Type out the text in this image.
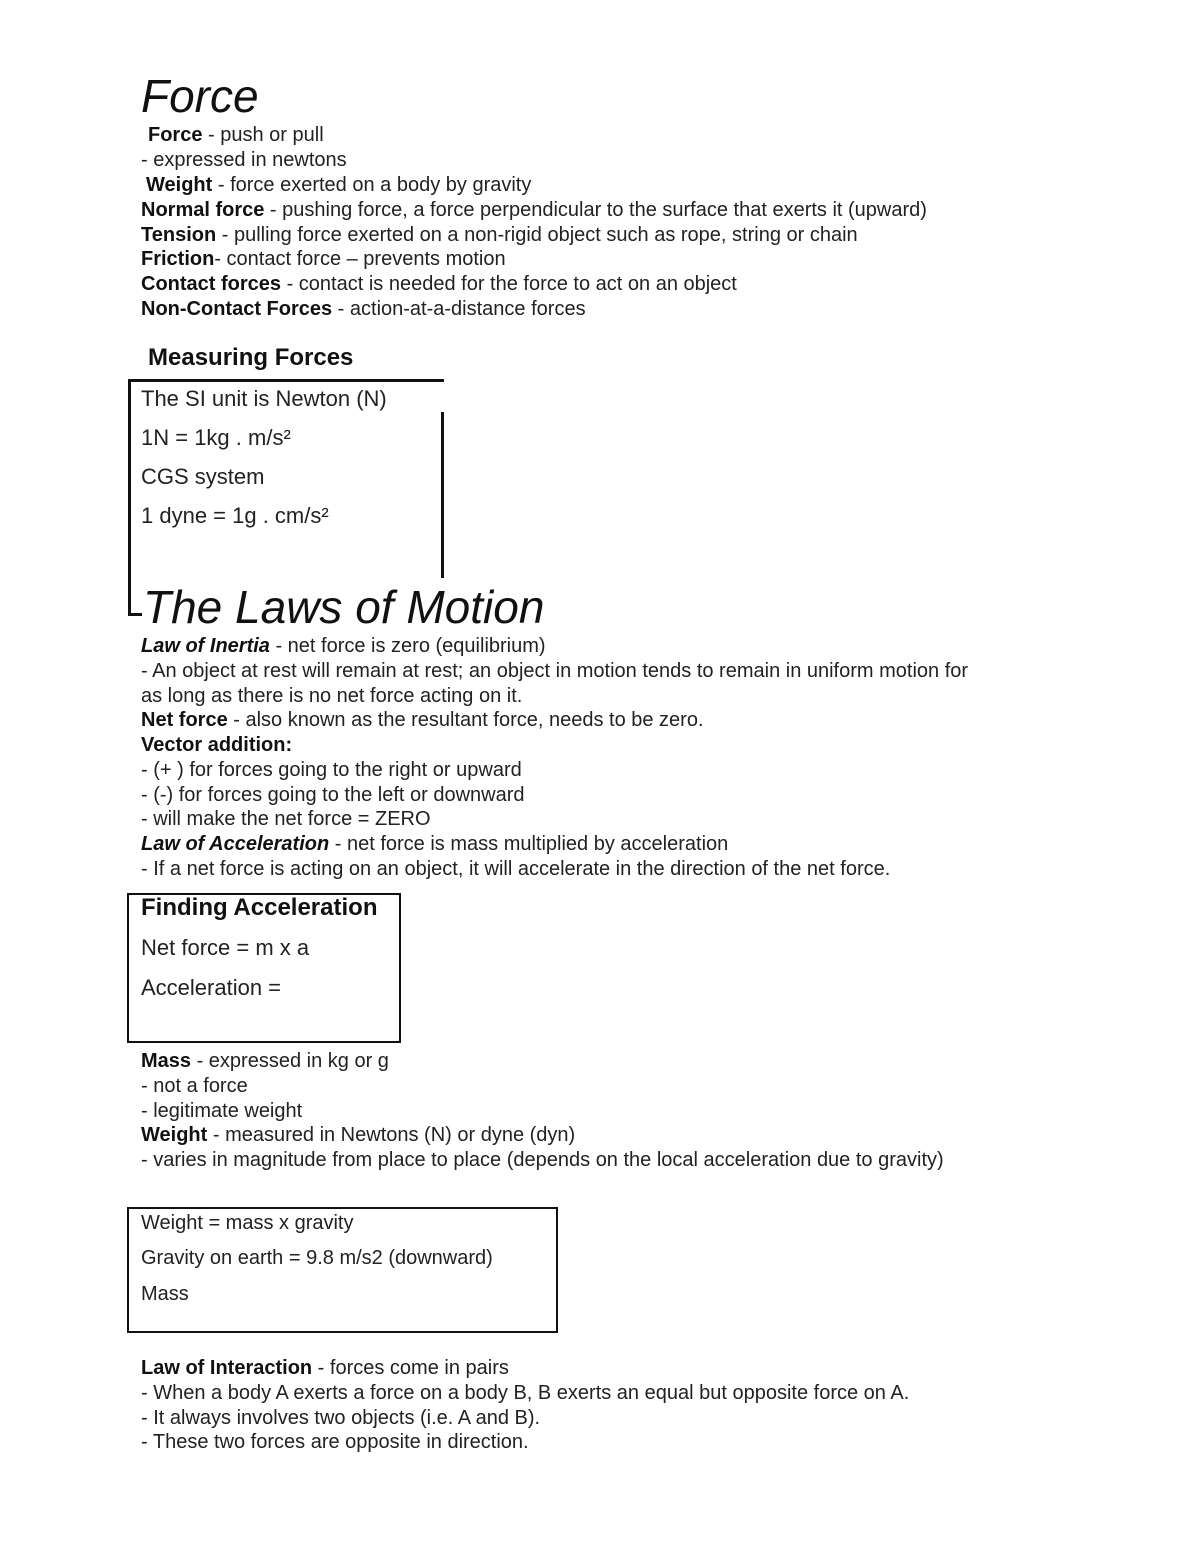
Force
Force - push or pull
- expressed in newtons
Weight - force exerted on a body by gravity
Normal force - pushing force, a force perpendicular to the surface that exerts it (upward)
Tension - pulling force exerted on a non-rigid object such as rope, string or chain
Friction- contact force – prevents motion
Contact forces - contact is needed for the force to act on an object
Non-Contact Forces - action-at-a-distance forces
Measuring Forces
The SI unit is Newton (N)
1N = 1kg . m/s²
CGS system
1 dyne = 1g . cm/s²
The Laws of Motion
Law of Inertia - net force is zero (equilibrium)
- An object at rest will remain at rest; an object in motion tends to remain in uniform motion for
as long as there is no net force acting on it.
Net force - also known as the resultant force, needs to be zero.
Vector addition:
- (+ ) for forces going to the right or upward
- (-) for forces going to the left or downward
- will make the net force = ZERO
Law of Acceleration - net force is mass multiplied by acceleration
- If a net force is acting on an object, it will accelerate in the direction of the net force.
Finding Acceleration
Net force = m x a
Acceleration =
Mass - expressed in kg or g
- not a force
- legitimate weight
Weight - measured in Newtons (N) or dyne (dyn)
- varies in magnitude from place to place (depends on the local acceleration due to gravity)
Weight = mass x gravity
Gravity on earth = 9.8 m/s2 (downward)
Mass
Law of Interaction - forces come in pairs
- When a body A exerts a force on a body B, B exerts an equal but opposite force on A.
- It always involves two objects (i.e. A and B).
- These two forces are opposite in direction.
